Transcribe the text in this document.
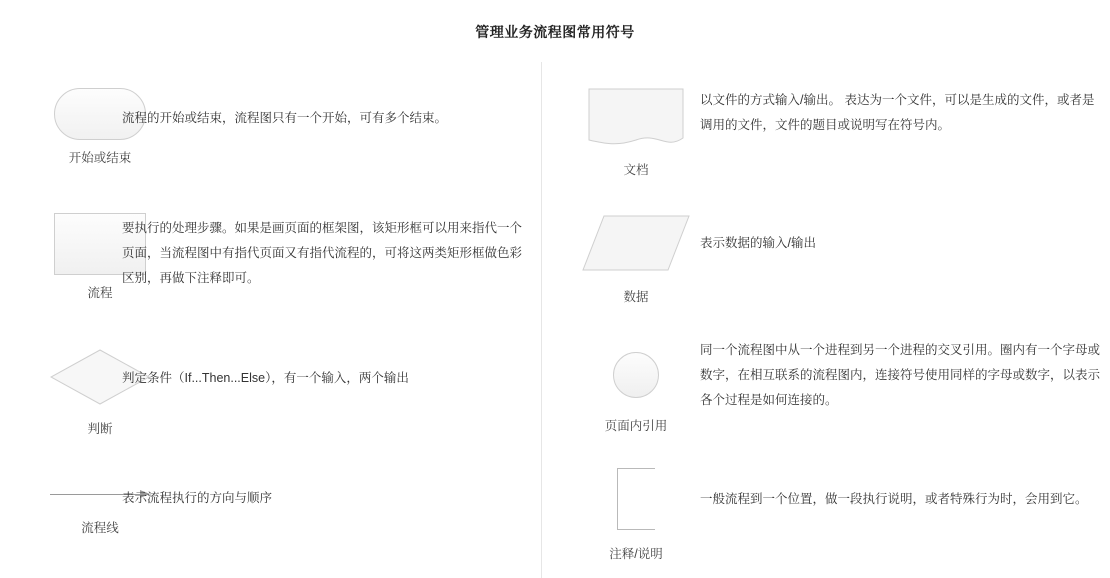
管理业务流程图常用符号
开始或结束
流程的开始或结束，流程图只有一个开始，可有多个结束。
流程
要执行的处理步骤。如果是画页面的框架图，该矩形框可以用来指代一个页面，当流程图中有指代页面又有指代流程的，可将这两类矩形框做色彩区别，再做下注释即可。
判断
判定条件（If...Then...Else），有一个输入，两个输出
流程线
表示流程执行的方向与顺序
文档
以文件的方式输入/输出。 表达为一个文件，可以是生成的文件，或者是调用的文件，文件的题目或说明写在符号内。
数据
表示数据的输入/输出
页面内引用
同一个流程图中从一个进程到另一个进程的交叉引用。圈内有一个字母或数字，在相互联系的流程图内，连接符号使用同样的字母或数字，以表示各个过程是如何连接的。
注释/说明
一般流程到一个位置，做一段执行说明，或者特殊行为时，会用到它。
